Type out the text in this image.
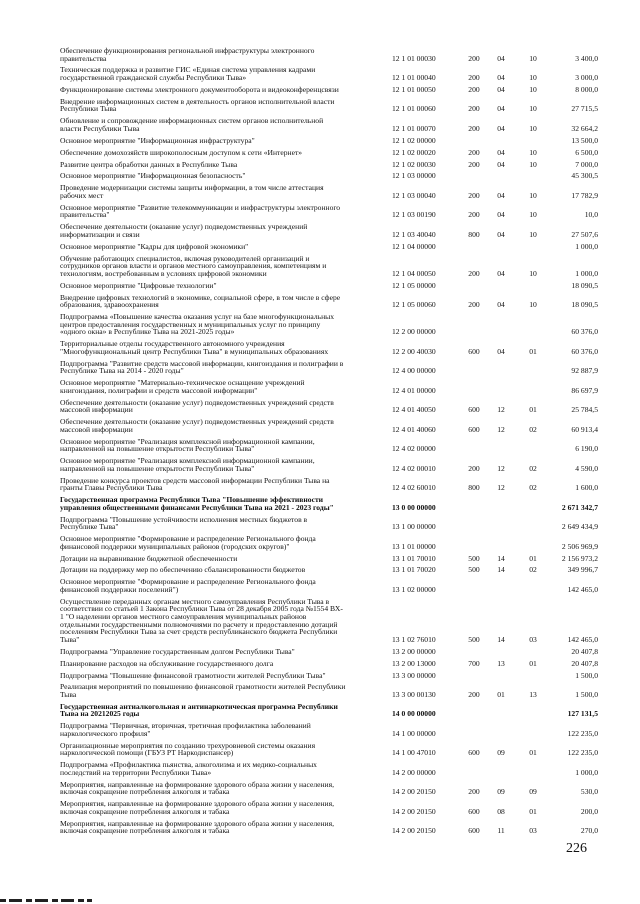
Обеспечение функционирования региональной инфраструктуры электронного
правительства	12 1 01 00030	200	04	10	3 400,0
Техническая поддержка и развитие ГИС «Единая система управления кадрами
государственной гражданской службы Республики Тыва»	12 1 01 00040	200	04	10	3 000,0
Функционирование системы электронного документооборота и видеоконференцсвязи	12 1 01 00050	200	04	10	8 000,0
Внедрение информационных систем в деятельность органов исполнительной власти
Республики Тыва	12 1 01 00060	200	04	10	27 715,5
Обновление и сопровождение информационных систем органов исполнительной
власти Республики Тыва	12 1 01 00070	200	04	10	32 664,2
Основное мероприятие "Информационная инфраструктура"	12 1 02 00000	13 500,0
Обеспечение домохозяйств широкополосным доступом к сети «Интернет»	12 1 02 00020	200	04	10	6 500,0
Развитие центра обработки данных в Республике Тыва	12 1 02 00030	200	04	10	7 000,0
Основное мероприятие "Информационная безопасность"	12 1 03 00000	45 300,5
Проведение модернизации системы защиты информации, в том числе аттестация
рабочих мест	12 1 03 00040	200	04	10	17 782,9
Основное мероприятие "Развитие телекоммуникации и инфраструктуры электронного
правительства"	12 1 03 00190	200	04	10	10,0
Обеспечение деятельности (оказание услуг) подведомственных учреждений
информатизации и связи	12 1 03 40040	800	04	10	27 507,6
Основное мероприятие "Кадры для цифровой экономики"	12 1 04 00000	1 000,0
Обучение работающих специалистов, включая руководителей организаций и
сотрудников органов власти и органов местного самоуправления, компетенциям и
технологиям, востребованным в условиях цифровой экономики	12 1 04 00050	200	04	10	1 000,0
Основное мероприятие "Цифровые технологии"	12 1 05 00000	18 090,5
Внедрение цифровых технологий в экономике, социальной сфере, в том числе в сфере
образования, здравоохранения	12 1 05 00060	200	04	10	18 090,5
Подпрограмма «Повышение качества оказания услуг на базе многофункциональных
центров предоставления государственных и муниципальных услуг по принципу
«одного окна» в Республике Тыва на 2021-2025 годы»	12 2 00 00000	60 376,0
Территориальные отделы государственного автономного учреждения
"Многофункциональный центр Республики Тыва" в муниципальных образованиях	12 2 00 40030	600	04	01	60 376,0
Подпрограмма "Развитие средств массовой информации, книгоиздания и полиграфии в
Республике Тыва на 2014 - 2020 годы"	12 4 00 00000	92 887,9
Основное мероприятие "Материально-техническое оснащение учреждений
книгоиздания, полиграфии и средств массовой информации"	12 4 01 00000	86 697,9
Обеспечение деятельности (оказание услуг) подведомственных учреждений средств
массовой информации	12 4 01 40050	600	12	01	25 784,5
Обеспечение деятельности (оказание услуг) подведомственных учреждений средств
массовой информации	12 4 01 40060	600	12	02	60 913,4
Основное мероприятие "Реализация комплексной информационной кампании,
направленной на повышение открытости Республики Тыва"	12 4 02 00000	6 190,0
Основное мероприятие "Реализация комплексной информационной кампании,
направленной на повышение открытости Республики Тыва"	12 4 02 00010	200	12	02	4 590,0
Проведение конкурса проектов средств массовой информации Республики Тыва на
гранты Главы Республики Тыва	12 4 02 60010	800	12	02	1 600,0
Государственная программа Республики Тыва "Повышение эффективности
управления общественными финансами Республики Тыва на 2021 - 2023 годы"	13 0 00 00000	2 671 342,7
Подпрограмма "Повышение устойчивости исполнения местных бюджетов в
Республике Тыва"	13 1 00 00000	2 649 434,9
Основное мероприятие "Формирование и распределение Регионального фонда
финансовой поддержки муниципальных районов (городских округов)"	13 1 01 00000	2 506 969,9
Дотации на выравнивание бюджетной обеспеченности	13 1 01 70010	500	14	01	2 156 973,2
Дотации на поддержку мер по обеспечению сбалансированности бюджетов	13 1 01 70020	500	14	02	349 996,7
Основное мероприятие "Формирование и распределение Регионального фонда
финансовой поддержки поселений")	13 1 02 00000	142 465,0
Осуществление переданных органам местного самоуправления Республики Тыва в
соответствии со статьей 1 Закона Республики Тыва от 28 декабря 2005 года №1554 ВХ-
1 "О наделении органов местного самоуправления муниципальных районов
отдельными государственными полномочиями по расчету и предоставлению дотаций
поселениям Республики Тыва за счет средств республиканского бюджета Республики
Тыва"	13 1 02 76010	500	14	03	142 465,0
Подпрограмма "Управление государственным долгом Республики Тыва"	13 2 00 00000	20 407,8
Планирование расходов на обслуживание государственного долга	13 2 00 13000	700	13	01	20 407,8
Подпрограмма "Повышение финансовой грамотности жителей Республики Тыва"	13 3 00 00000	1 500,0
Реализация мероприятий по повышению финансовой грамотности жителей Республики
Тыва	13 3 00 00130	200	01	13	1 500,0
Государственная антиалкогольная и антинаркотическая программа Республики
Тыва на 20212025 годы	14 0 00 00000	127 131,5
Подпрограмма "Первичная, вторичная, третичная профилактика заболеваний
наркологического профиля"	14 1 00 00000	122 235,0
Организационные мероприятия по созданию трехуровневой системы оказания
наркологической помощи (ГБУЗ РТ Наркодиспансер)	14 1 00 47010	600	09	01	122 235,0
Подпрограмма «Профилактика пьянства, алкоголизма и их медико-социальных
последствий на территории Республики Тыва»	14 2 00 00000	1 000,0
Мероприятия, направленные на формирование здорового образа жизни у населения,
включая сокращение потребления алкоголя и табака	14 2 00 20150	200	09	09	530,0
Мероприятия, направленные на формирование здорового образа жизни у населения,
включая сокращение потребления алкоголя и табака	14 2 00 20150	600	08	01	200,0
Мероприятия, направленные на формирование здорового образа жизни у населения,
включая сокращение потребления алкоголя и табака	14 2 00 20150	600	11	03	270,0
226
